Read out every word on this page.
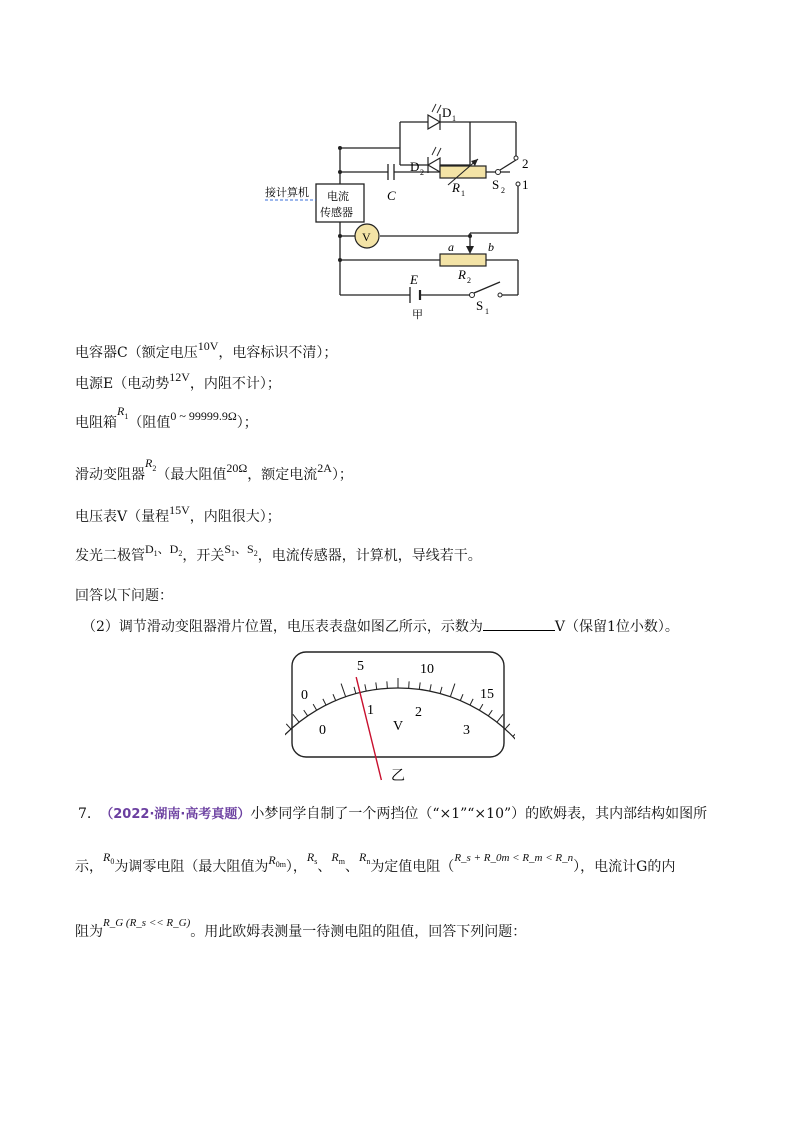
D 1
D 2
C
R 1
S 2
2
1
接计算机 电流
传感器
V
a	b
R 2
E
S 1
甲
电容器C（额定电压10V，电容标识不清）；
电源E（电动势12V，内阻不计）；
电阻箱$R^1$（阻值0 ~ 99999.9Ω）；
滑动变阻器$R^2$（最大阻值20Ω，额定电流2A）；
电压表V（量程15V，内阻很大）；
发光二极管$D^1$、$D^2$，开关$S^1$、$S^2$，电流传感器，计算机，导线若干。
回答以下问题：
（2）调节滑动变阻器滑片位置，电压表表盘如图乙所示，示数为	V（保留1位小数）。
0
5	10
15
0
1	2
3
V
乙
7. （2022·湖南·高考真题）小梦同学自制了一个两挡位（“×1”“×10”）的欧姆表，其内部结构如图所
示，$R^0$为调零电阻（最大阻值为$R^{0m}$），$R^s$、$R^m$、$R^n$为定值电阻（$^{R\_s + R\_0m < R\_m < R\_n}$），电流计G的内
阻为$^{R\_G (R\_s << R\_G)}$。用此欧姆表测量一待测电阻的阻值，回答下列问题：
